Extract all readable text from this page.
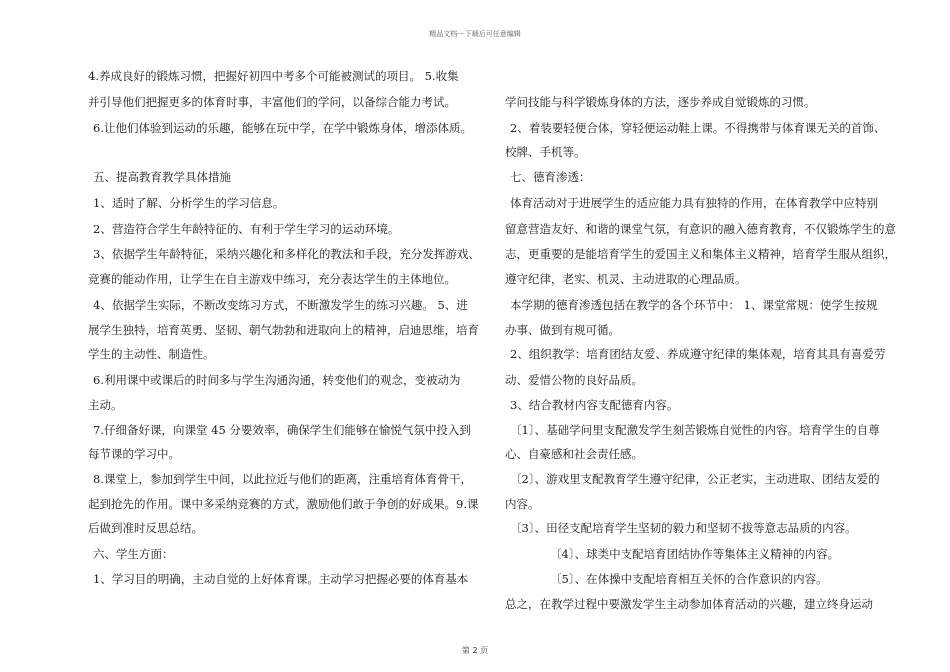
精品文档---下载后可任意编辑
4.养成良好的锻炼习惯，把握好初四中考多个可能被测试的项目。 5.收集
并引导他们把握更多的体育时事，丰富他们的学问，以备综合能力考试。
6.让他们体验到运动的乐趣，能够在玩中学，在学中锻炼身体，增添体质。
五、提高教育教学具体措施
1、适时了解、分析学生的学习信息。
2、营造符合学生年龄特征的、有利于学生学习的运动环境。
3、依据学生年龄特征，采纳兴趣化和多样化的教法和手段，充分发挥游戏、
竞赛的能动作用，让学生在自主游戏中练习，充分表达学生的主体地位。
4、依据学生实际，不断改变练习方式，不断激发学生的练习兴趣。 5、进
展学生独特，培育英勇、坚韧、朝气勃勃和进取向上的精神，启迪思维，培育
学生的主动性、制造性。
6.利用课中或课后的时间多与学生沟通沟通，转变他们的观念，变被动为
主动。
7.仔细备好课，向课堂 45 分要效率，确保学生们能够在愉悦气氛中投入到
每节课的学习中。
8.课堂上，参加到学生中间，以此拉近与他们的距离，注重培育体育骨干，
起到抢先的作用。课中多采纳竞赛的方式，激励他们敢于争创的好成果。9.课
后做到准时反思总结。
六、学生方面：
1、学习目的明确，主动自觉的上好体育课。主动学习把握必要的体育基本
学问技能与科学锻炼身体的方法，逐步养成自觉锻炼的习惯。
2、着装要轻便合体，穿轻便运动鞋上课。不得携带与体育课无关的首饰、
校牌、手机等。
七、德育渗透：
体育活动对于进展学生的适应能力具有独特的作用，在体育教学中应特别
留意营造友好、和谐的课堂气氛，有意识的融入德育教育，不仅锻炼学生的意
志，更重要的是能培育学生的爱国主义和集体主义精神，培育学生服从组织，
遵守纪律，老实、机灵、主动进取的心理品质。
本学期的德育渗透包括在教学的各个环节中： 1、课堂常规：使学生按规
办事、做到有规可循。
2、组织教学：培育团结友爱、养成遵守纪律的集体观，培育其具有喜爱劳
动、爱惜公物的良好品质。
3、结合教材内容支配德育内容。
〔1〕、基础学问里支配激发学生刻苦锻炼自觉性的内容。培育学生的自尊
心、自豪感和社会责任感。
〔2〕、游戏里支配教育学生遵守纪律，公正老实，主动进取、团结友爱的
内容。
〔3〕、田径支配培育学生坚韧的毅力和坚韧不拔等意志品质的内容。
〔4〕、球类中支配培育团结协作等集体主义精神的内容。
〔5〕、在体操中支配培育相互关怀的合作意识的内容。
总之，在教学过程中要激发学生主动参加体育活动的兴趣，建立终身运动
第 2 页
